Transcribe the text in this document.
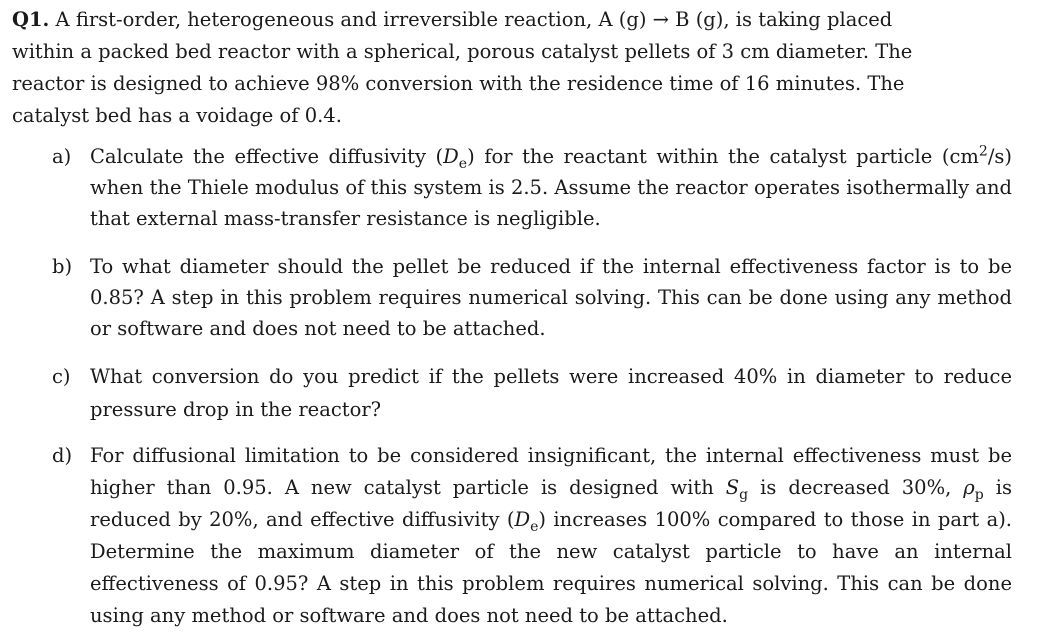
Q1. A first-order, heterogeneous and irreversible reaction, A (g) → B (g), is taking placed
within a packed bed reactor with a spherical, porous catalyst pellets of 3 cm diameter. The
reactor is designed to achieve 98% conversion with the residence time of 16 minutes. The
catalyst bed has a voidage of 0.4.
a) Calculate the effective diffusivity $(D_e)$ for the reactant within the catalyst particle $(cm^2/s)$ when the Thiele modulus of this system is 2.5. Assume the reactor operates isothermally and that external mass-transfer resistance is negligible.
b) To what diameter should the pellet be reduced if the internal effectiveness factor is to be 0.85? A step in this problem requires numerical solving. This can be done using any method or software and does not need to be attached.
c) What conversion do you predict if the pellets were increased 40% in diameter to reduce pressure drop in the reactor?
d) For diffusional limitation to be considered insignificant, the internal effectiveness must be higher than 0.95. A new catalyst particle is designed with $S_g$ is decreased 30%, $\rho_p$ is reduced by 20%, and effective diffusivity $(D_e)$ increases 100% compared to those in part a). Determine the maximum diameter of the new catalyst particle to have an internal effectiveness of 0.95? A step in this problem requires numerical solving. This can be done using any method or software and does not need to be attached.
